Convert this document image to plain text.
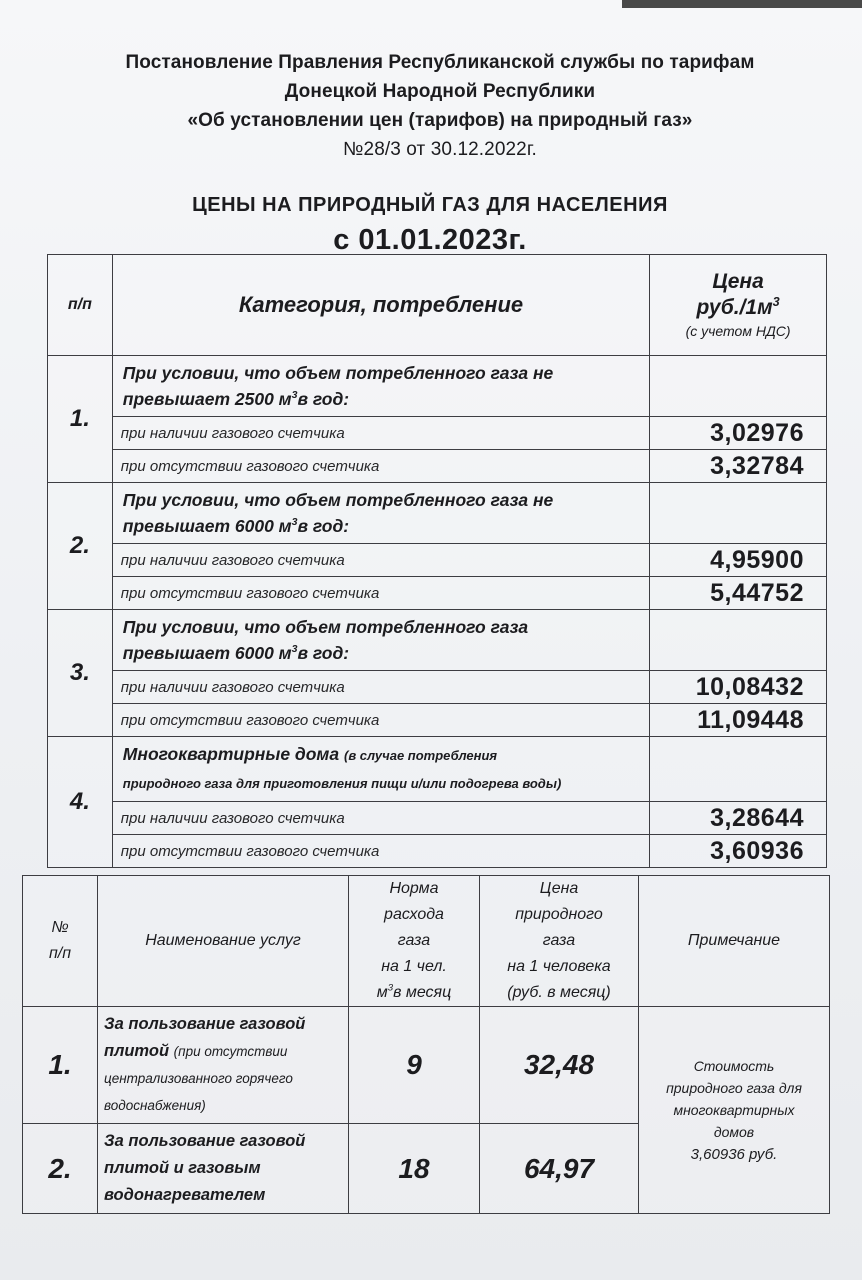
Постановление Правления Республиканской службы по тарифам
Донецкой Народной Республики
«Об установлении цен (тарифов) на природный газ»
№28/3 от 30.12.2022г.
ЦЕНЫ НА ПРИРОДНЫЙ ГАЗ ДЛЯ НАСЕЛЕНИЯ
с 01.01.2023г.
п/п	Категория, потребление	Цена
$руб./1м^3$
(с учетом НДС)

1.	При условии, что объем потребленного газа не
превышает 2500 $м^3в$ год:	
	при наличии газового счетчика	3,02976
	при отсутствии газового счетчика	3,32784
2.	При условии, что объем потребленного газа не
превышает 6000 $м^3в$ год:	
	при наличии газового счетчика	4,95900
	при отсутствии газового счетчика	5,44752
3.	При условии, что объем потребленного газа
превышает 6000 $м^3в$ год:	
	при наличии газового счетчика	10,08432
	при отсутствии газового счетчика	11,09448
4.	Многоквартирные дома (в случае потребления
природного газа для приготовления пищи и/или подогрева воды)	
	при наличии газового счетчика	3,28644
	при отсутствии газового счетчика	3,60936
№
п/п	Наименование услуг	Норма
расхода
газа
на 1 чел.
$м^3в$ месяц	Цена
природного
газа
на 1 человека
(руб. в месяц)	Примечание
1.	За пользование газовой
плитой (при отсутствии
централизованного горячего
водоснабжения)	9	32,48	Стоимость
природного газа для
многоквартирных
домов
3,60936 руб.
2.	За пользование газовой
плитой и газовым
водонагревателем	18	64,97	
